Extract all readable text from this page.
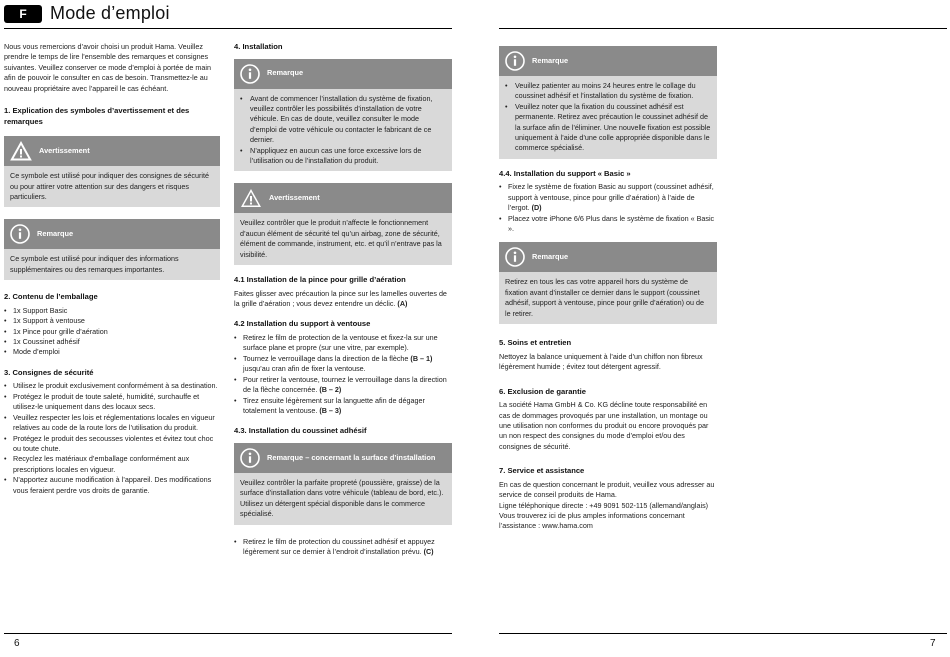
F	Mode d’emploi

Nous vous remercions d’avoir choisi un produit Hama. Veuillez prendre le temps de lire l’ensemble des remarques et consignes suivantes. Veuillez conserver ce mode d’emploi à portée de main afin de pouvoir le consulter en cas de besoin. Transmettez-le au nouveau propriétaire avec l’appareil le cas échéant.

1. Explication des symboles d’avertissement et des remarques
Avertissement
Ce symbole est utilisé pour indiquer des consignes de sécurité ou pour attirer votre attention sur des dangers et risques particuliers.
Remarque
Ce symbole est utilisé pour indiquer des informations supplémentaires ou des remarques importantes.
2. Contenu de l’emballage
• 1x Support Basic
• 1x Support à ventouse
• 1x Pince pour grille d’aération
• 1x Coussinet adhésif
• Mode d’emploi
3. Consignes de sécurité
• Utilisez le produit exclusivement conformément à sa destination.
• Protégez le produit de toute saleté, humidité, surchauffe et utilisez-le uniquement dans des locaux secs.
• Veuillez respecter les lois et réglementations locales en vigueur relatives au code de la route lors de l’utilisation du produit.
• Protégez le produit des secousses violentes et évitez tout choc ou toute chute.
• Recyclez les matériaux d’emballage conformément aux prescriptions locales en vigueur.
• N’apportez aucune modification à l’appareil. Des modifications vous feraient perdre vos droits de garantie.
4. Installation
Remarque
• Avant de commencer l’installation du système de fixation, veuillez contrôler les possibilités d’installation de votre véhicule. En cas de doute, veuillez consulter le mode d’emploi de votre véhicule ou contacter le fabricant de ce dernier.
• N’appliquez en aucun cas une force excessive lors de l’utilisation ou de l’installation du produit.
Avertissement
Veuillez contrôler que le produit n’affecte le fonctionnement d’aucun élément de sécurité tel qu’un airbag, zone de sécurité, élément de commande, instrument, etc. et qu’il n’entrave pas la visibilité.
4.1 Installation de la pince pour grille d’aération

Faites glisser avec précaution la pince sur les lamelles ouvertes de la grille d’aération ; vous devez entendre un déclic. (A)

4.2 Installation du support à ventouse
• Retirez le film de protection de la ventouse et fixez-la sur une surface plane et propre (sur une vitre, par exemple).
• Tournez le verrouillage dans la direction de la flèche (B – 1) jusqu’au cran afin de fixer la ventouse.
• Pour retirer la ventouse, tournez le verrouillage dans la direction de la flèche concernée. (B – 2)
• Tirez ensuite légèrement sur la languette afin de dégager totalement la ventouse. (B – 3)
4.3. Installation du coussinet adhésif
Remarque – concernant la surface d’installation
Veuillez contrôler la parfaite propreté (poussière, graisse) de la surface d’installation dans votre véhicule (tableau de bord, etc.). Utilisez un détergent spécial disponible dans le commerce spécialisé.
• Retirez le film de protection du coussinet adhésif et appuyez légèrement sur ce dernier à l’endroit d’installation prévu. (C)
6
Remarque
• Veuillez patienter au moins 24 heures entre le collage du coussinet adhésif et l’installation du système de fixation.
• Veuillez noter que la fixation du coussinet adhésif est permanente. Retirez avec précaution le coussinet adhésif de la surface afin de l’éliminer. Une nouvelle fixation est possible uniquement à l’aide d’une colle appropriée disponible dans le commerce spécialisé.
4.4. Installation du support « Basic »
• Fixez le système de fixation Basic au support (coussinet adhésif, support à ventouse, pince pour grille d’aération) à l’aide de l’ergot. (D)
• Placez votre iPhone 6/6 Plus dans le système de fixation « Basic ».
Remarque
Retirez en tous les cas votre appareil hors du système de fixation avant d’installer ce dernier dans le support (coussinet adhésif, support à ventouse, pince pour grille d’aération) ou de le retirer.
5. Soins et entretien

Nettoyez la balance uniquement à l’aide d’un chiffon non fibreux légèrement humide ; évitez tout détergent agressif.

6. Exclusion de garantie

La société Hama GmbH & Co. KG décline toute responsabilité en cas de dommages provoqués par une installation, un montage ou une utilisation non conformes du produit ou encore provoqués par un non respect des consignes du mode d’emploi et/ou des consignes de sécurité.

7. Service et assistance

En cas de question concernant le produit, veuillez vous adresser au service de conseil produits de Hama.

Ligne téléphonique directe : +49 9091 502-115 (allemand/anglais)

Vous trouverez ici de plus amples informations concernant l’assistance : www.hama.com

7
